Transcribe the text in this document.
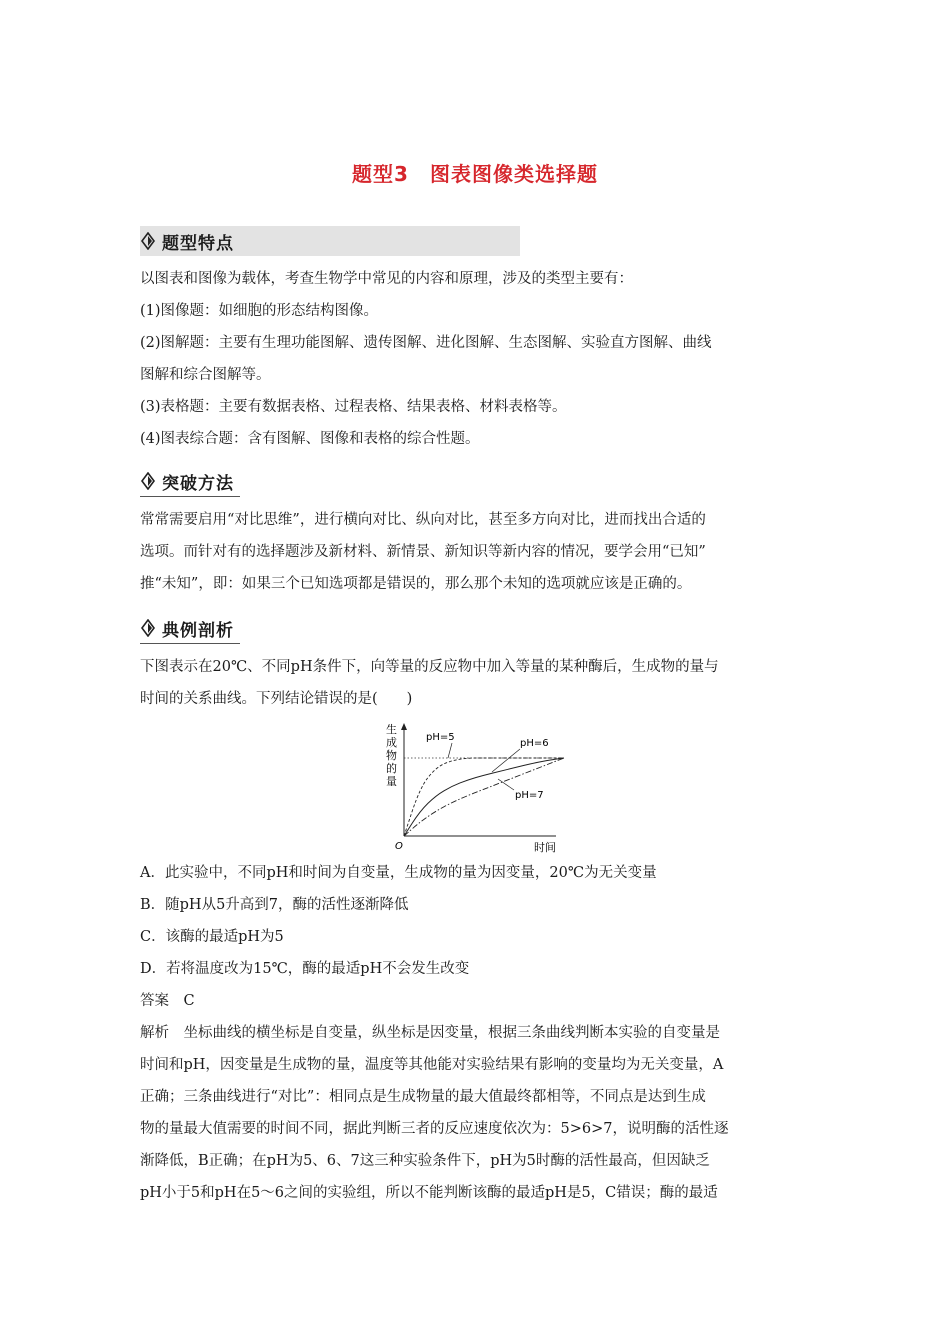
题型3　图表图像类选择题
题型特点

以图表和图像为载体，考查生物学中常见的内容和原理，涉及的类型主要有：

(1)图像题：如细胞的形态结构图像。

(2)图解题：主要有生理功能图解、遗传图解、进化图解、生态图解、实验直方图解、曲线

图解和综合图解等。

(3)表格题：主要有数据表格、过程表格、结果表格、材料表格等。

(4)图表综合题：含有图解、图像和表格的综合性题。

突破方法

常常需要启用“对比思维”，进行横向对比、纵向对比，甚至多方向对比，进而找出合适的

选项。而针对有的选择题涉及新材料、新情景、新知识等新内容的情况，要学会用“已知”

推“未知”，即：如果三个已知选项都是错误的，那么那个未知的选项就应该是正确的。

典例剖析

下图表示在20℃、不同pH条件下，向等量的反应物中加入等量的某种酶后，生成物的量与

时间的关系曲线。下列结论错误的是(　　)

生
成
物
的
量
O	时间
pH=5
pH=6
pH=7

A．此实验中，不同pH和时间为自变量，生成物的量为因变量，20℃为无关变量

B．随pH从5升高到7，酶的活性逐渐降低

C．该酶的最适pH为5

D．若将温度改为15℃，酶的最适pH不会发生改变

答案　C

解析　坐标曲线的横坐标是自变量，纵坐标是因变量，根据三条曲线判断本实验的自变量是

时间和pH，因变量是生成物的量，温度等其他能对实验结果有影响的变量均为无关变量，A

正确；三条曲线进行“对比”：相同点是生成物量的最大值最终都相等，不同点是达到生成

物的量最大值需要的时间不同，据此判断三者的反应速度依次为：5>6>7，说明酶的活性逐

渐降低，B正确；在pH为5、6、7这三种实验条件下，pH为5时酶的活性最高，但因缺乏

pH小于5和pH在5～6之间的实验组，所以不能判断该酶的最适pH是5，C错误；酶的最适
